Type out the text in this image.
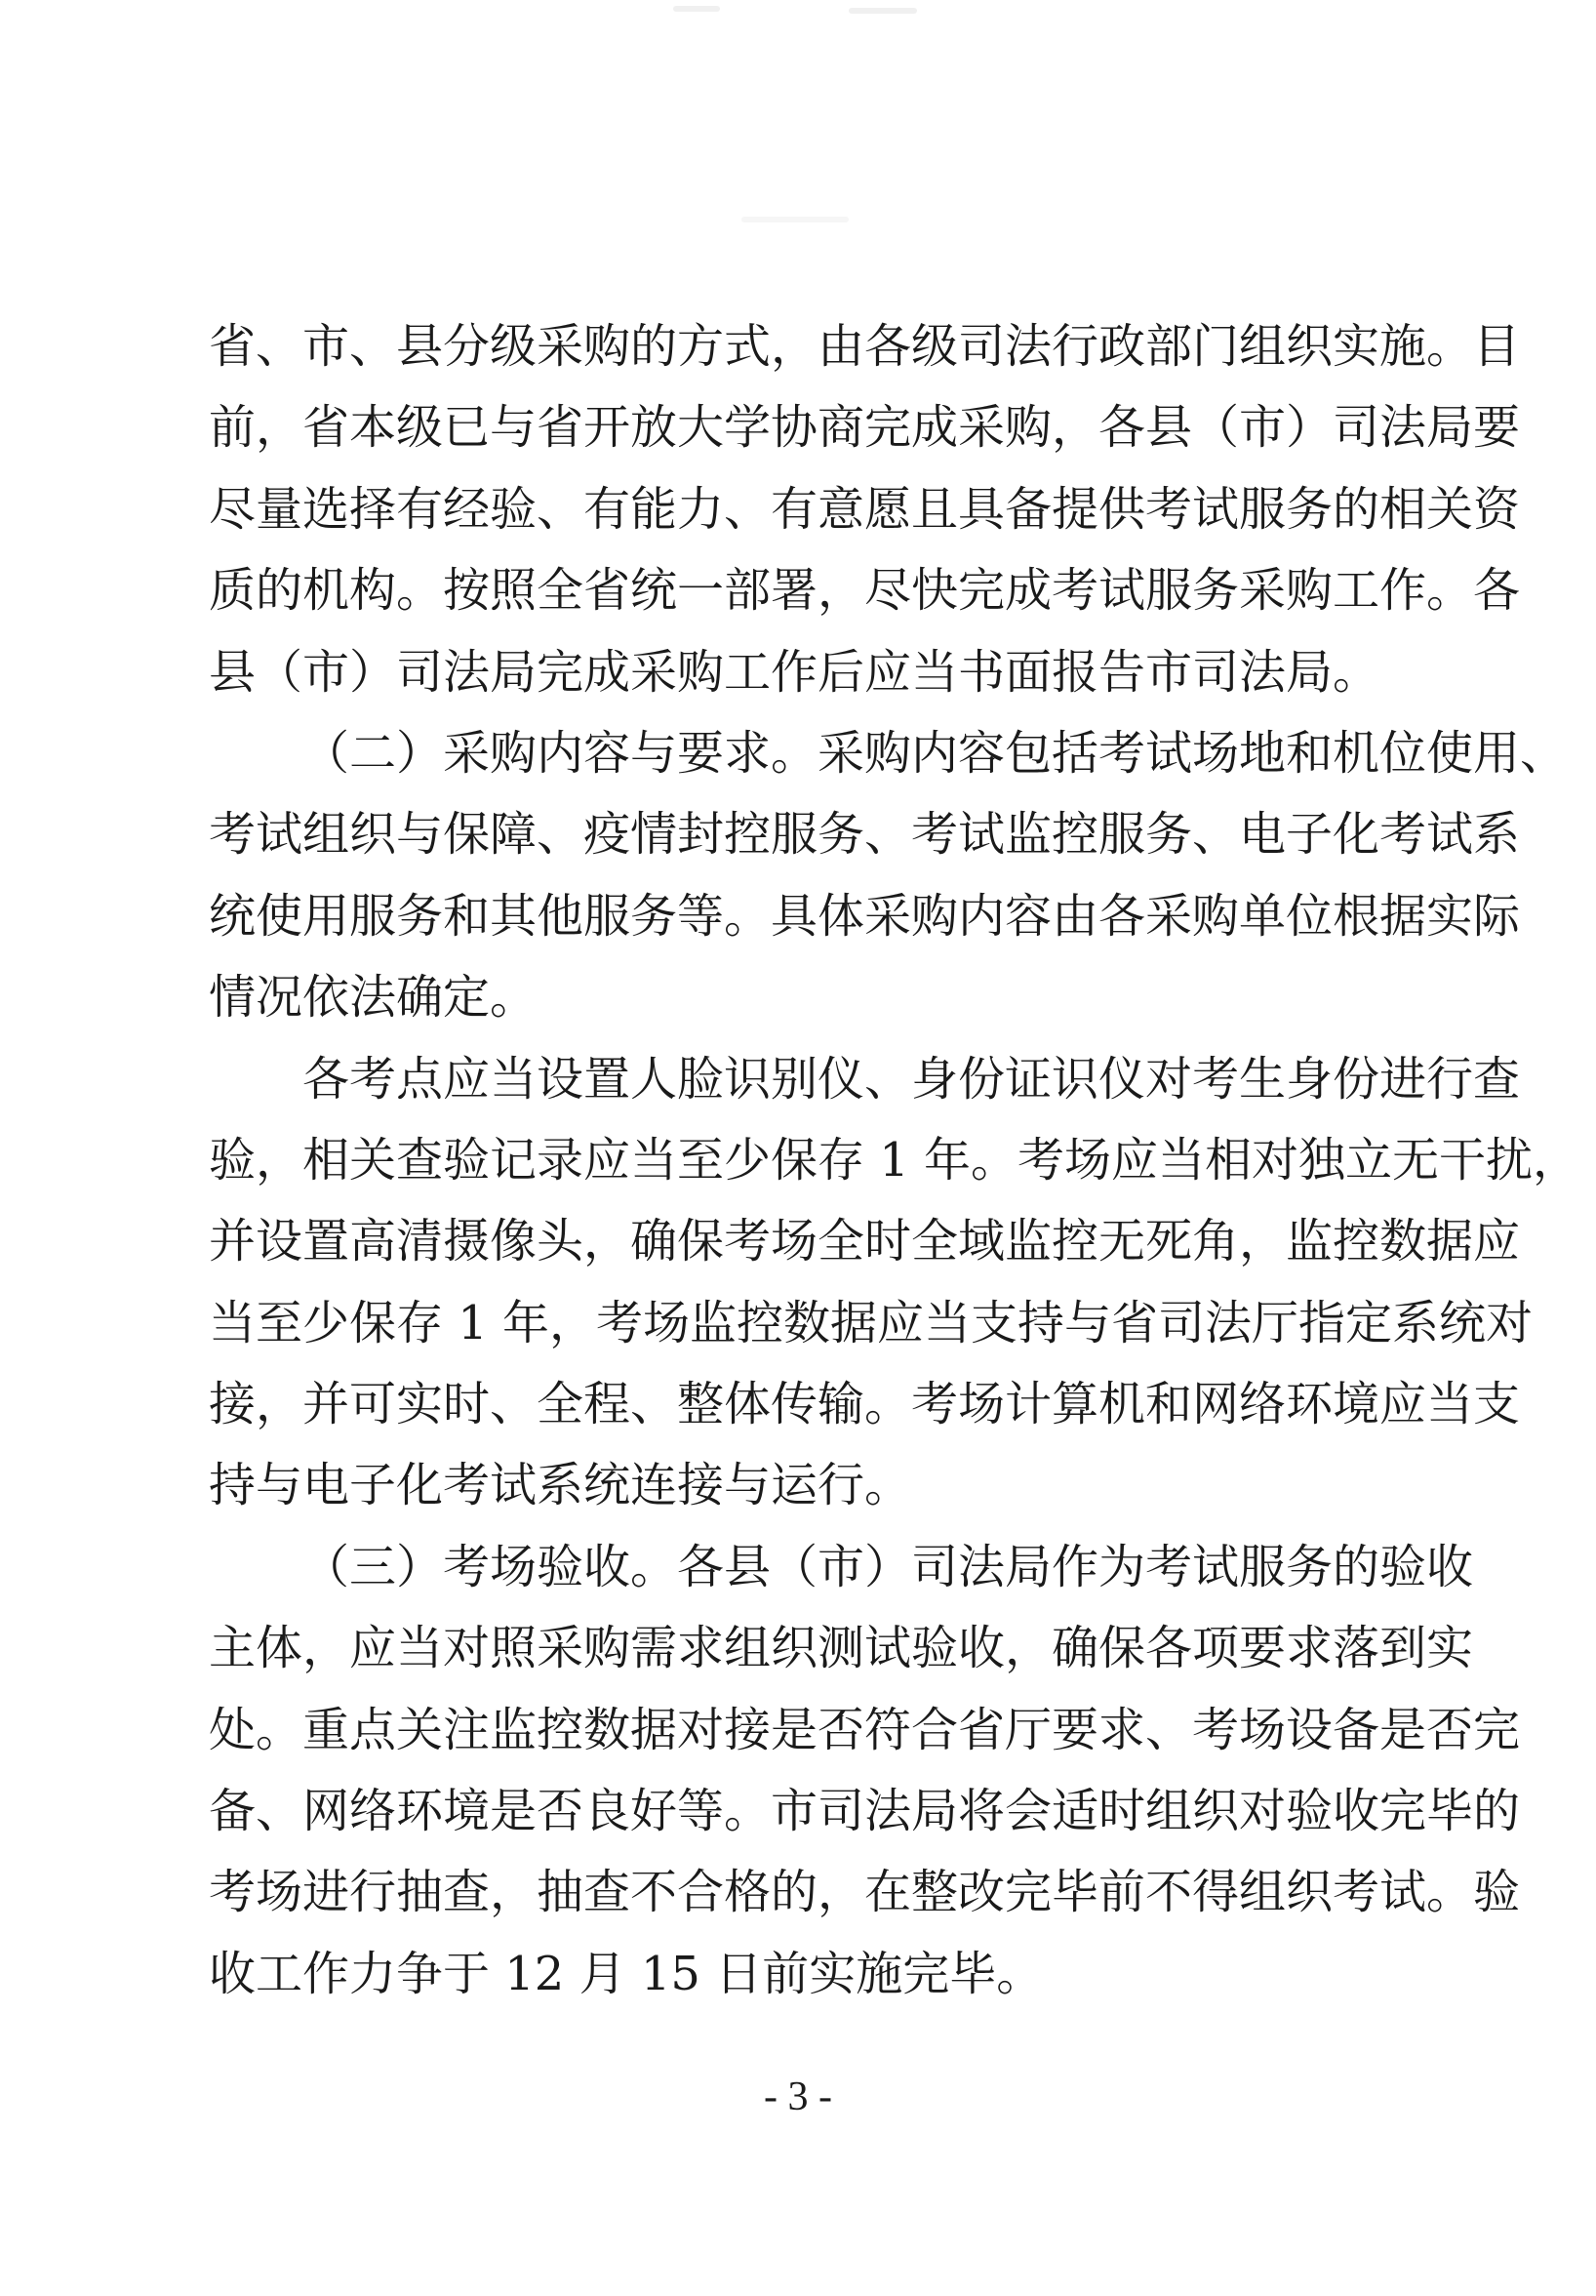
省、市、县分级采购的方式，由各级司法行政部门组织实施。目
前，省本级已与省开放大学协商完成采购，各县（市）司法局要
尽量选择有经验、有能力、有意愿且具备提供考试服务的相关资
质的机构。按照全省统一部署，尽快完成考试服务采购工作。各
县（市）司法局完成采购工作后应当书面报告市司法局。
（二）采购内容与要求。采购内容包括考试场地和机位使用、
考试组织与保障、疫情封控服务、考试监控服务、电子化考试系
统使用服务和其他服务等。具体采购内容由各采购单位根据实际
情况依法确定。
各考点应当设置人脸识别仪、身份证识仪对考生身份进行查
验，相关查验记录应当至少保存 1 年。考场应当相对独立无干扰，
并设置高清摄像头，确保考场全时全域监控无死角，监控数据应
当至少保存 1 年，考场监控数据应当支持与省司法厅指定系统对
接，并可实时、全程、整体传输。考场计算机和网络环境应当支
持与电子化考试系统连接与运行。
（三）考场验收。各县（市）司法局作为考试服务的验收
主体，应当对照采购需求组织测试验收，确保各项要求落到实
处。重点关注监控数据对接是否符合省厅要求、考场设备是否完
备、网络环境是否良好等。市司法局将会适时组织对验收完毕的
考场进行抽查，抽查不合格的，在整改完毕前不得组织考试。验
收工作力争于 12 月 15 日前实施完毕。
- 3 -
